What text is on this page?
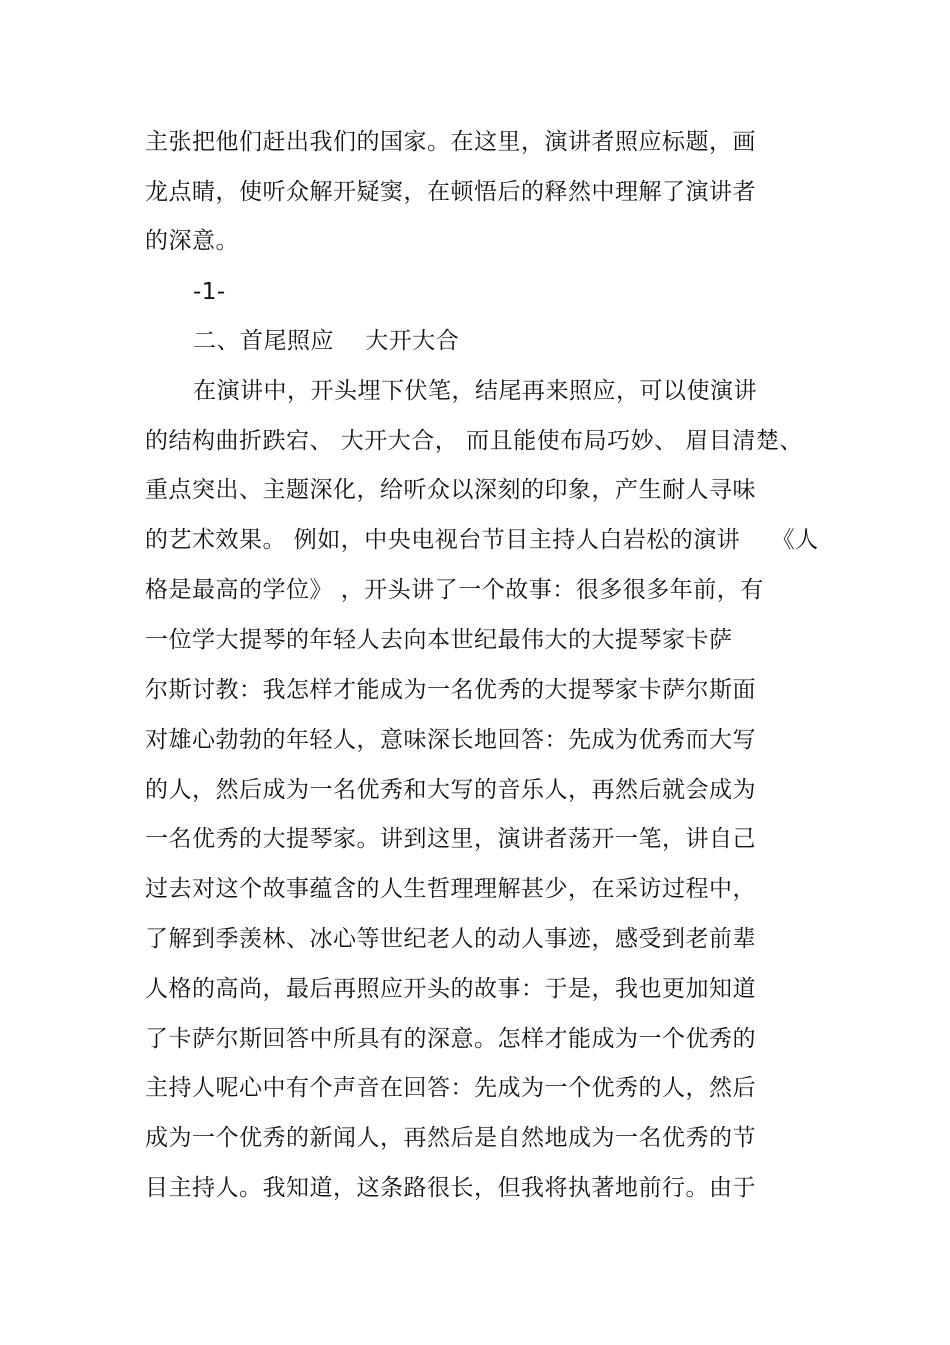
主张把他们赶出我们的国家。在这里，演讲者照应标题，画
龙点睛，使听众解开疑窦，在顿悟后的释然中理解了演讲者
的深意。
-1-
二、首尾照应　 大开大合
在演讲中，开头埋下伏笔，结尾再来照应，可以使演讲
的结构曲折跌宕、 大开大合， 而且能使布局巧妙、 眉目清楚、
重点突出、主题深化，给听众以深刻的印象，产生耐人寻味
的艺术效果。 例如，中央电视台节目主持人白岩松的演讲　 《人
格是最高的学位》 ，开头讲了一个故事：很多很多年前，有
一位学大提琴的年轻人去向本世纪最伟大的大提琴家卡萨
尔斯讨教：我怎样才能成为一名优秀的大提琴家卡萨尔斯面
对雄心勃勃的年轻人，意味深长地回答：先成为优秀而大写
的人，然后成为一名优秀和大写的音乐人，再然后就会成为
一名优秀的大提琴家。讲到这里，演讲者荡开一笔，讲自己
过去对这个故事蕴含的人生哲理理解甚少，在采访过程中，
了解到季羡林、冰心等世纪老人的动人事迹，感受到老前辈
人格的高尚，最后再照应开头的故事：于是，我也更加知道
了卡萨尔斯回答中所具有的深意。怎样才能成为一个优秀的
主持人呢心中有个声音在回答：先成为一个优秀的人，然后
成为一个优秀的新闻人，再然后是自然地成为一名优秀的节
目主持人。我知道，这条路很长，但我将执著地前行。由于
